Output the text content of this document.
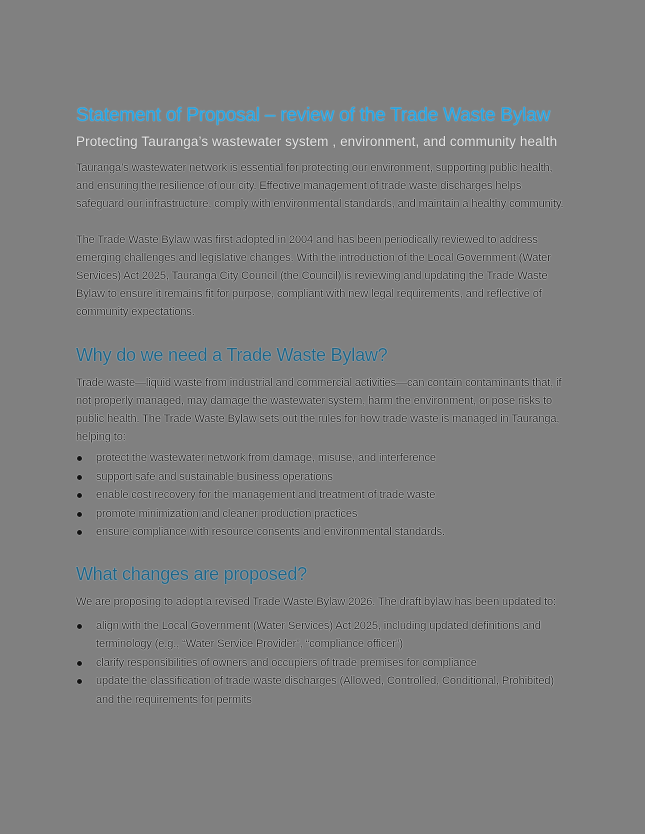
Statement of Proposal – review of the Trade Waste Bylaw

Protecting Tauranga’s wastewater system , environment, and community health

Tauranga’s wastewater network is essential for protecting our environment, supporting public health, and ensuring the resilience of our city. Effective management of trade waste discharges helps safeguard our infrastructure, comply with environmental standards, and maintain a healthy community.

The Trade Waste Bylaw was first adopted in 2004 and has been periodically reviewed to address emerging challenges and legislative changes. With the introduction of the Local Government (Water Services) Act 2025, Tauranga City Council (the Council) is reviewing and updating the Trade Waste Bylaw to ensure it remains fit for purpose, compliant with new legal requirements, and reflective of community expectations.

Why do we need a Trade Waste Bylaw?

Trade waste—liquid waste from industrial and commercial activities—can contain contaminants that, if not properly managed, may damage the wastewater system, harm the environment, or pose risks to public health. The Trade Waste Bylaw sets out the rules for how trade waste is managed in Tauranga, helping to:

protect the wastewater network from damage, misuse, and interference
support safe and sustainable business operations
enable cost recovery for the management and treatment of trade waste
promote minimization and cleaner production practices
ensure compliance with resource consents and environmental standards.
What changes are proposed?

We are proposing to adopt a revised Trade Waste Bylaw 2026. The draft bylaw has been updated to:

align with the Local Government (Water Services) Act 2025, including updated definitions and terminology (e.g., “Water Service Provider”, “compliance officer”)
clarify responsibilities of owners and occupiers of trade premises for compliance
update the classification of trade waste discharges (Allowed, Controlled, Conditional, Prohibited) and the requirements for permits
